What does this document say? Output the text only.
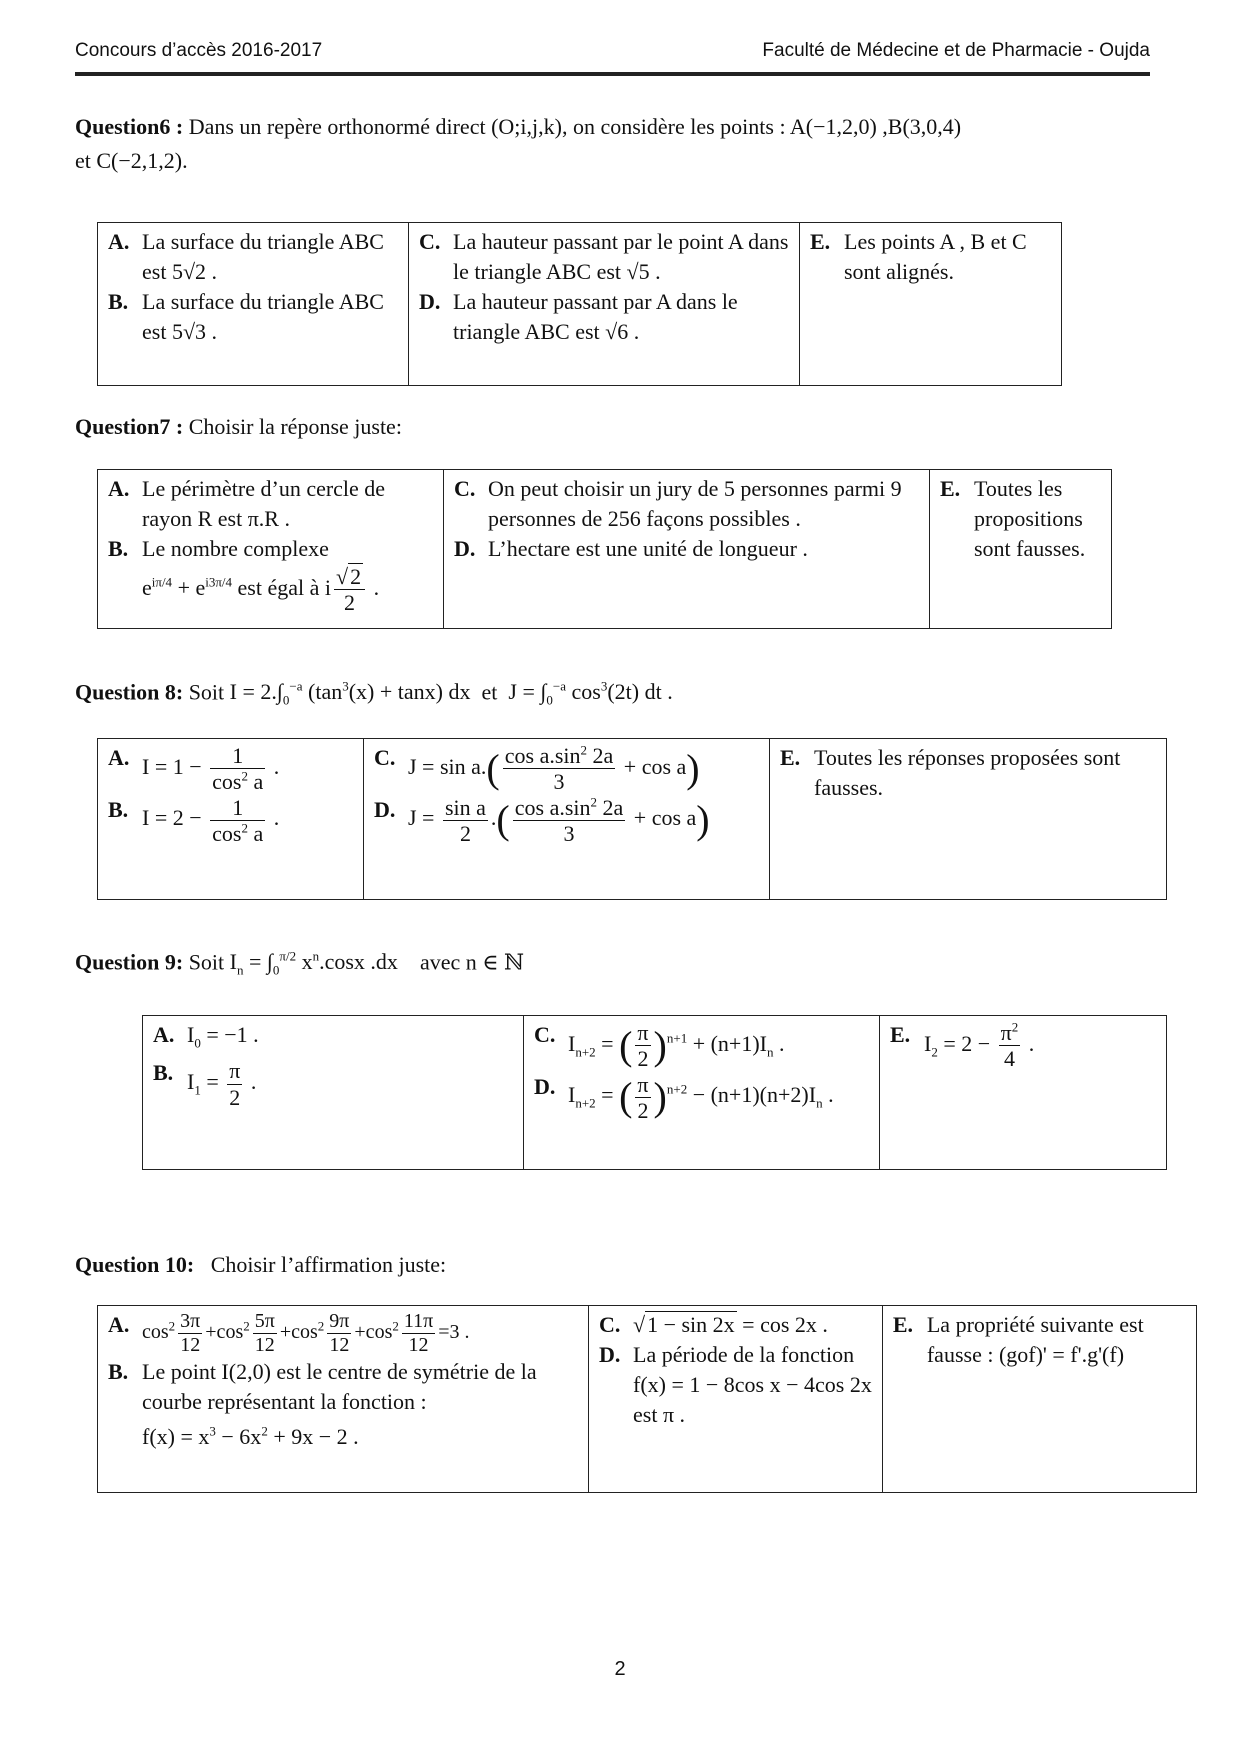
Concours d’accès 2016-2017	Faculté de Médecine et de Pharmacie - Oujda
Question6 : Dans un repère orthonormé direct (O;i,j,k), on considère les points : A(−1,2,0) ,B(3,0,4)
et C(−2,1,2).
A. La surface du triangle ABC est 5√2 .
B. La surface du triangle ABC est 5√3 .

C. La hauteur passant par le point A dans le triangle ABC est √5 .
D. La hauteur passant par A dans le triangle ABC est √6 .

E. Les points A , B et C sont alignés.
Question7 : Choisir la réponse juste:
A. Le périmètre d’un cercle de rayon R est π.R .
B. Le nombre complexe
$e^{i\pi/4} + e^{i3\pi/4}$ est égal à i $\frac{√2}{2}$ .

C. On peut choisir un jury de 5 personnes parmi 9 personnes de 256 façons possibles .
D. L’hectare est une unité de longueur .

E. Toutes les propositions sont fausses.
Question 8: Soit $I = 2.\int_0^{-a}$ $(\tan^3(x) + \tan x)$ dx et $J = \int_0^{-a}$ $\cos^3(2t)$ dt .
A. $I = 1 - \frac{1}{\cos^2 a}$ .
B. $I = 2 - \frac{1}{\cos^2 a}$ .

C. $J = \sin a.( \frac{\cos a.\sin^2 2a}{3} + \cos a)$
D. $J = \frac{\text{sin a}}{2}$ .( $\frac{\cos a.\sin^2 2a}{3} + \cos a$)

E. Toutes les réponses proposées sont fausses.
Question 9: Soit $I_n = \int_0^{\pi/2}$ $x^n.\cos x$ .dx avec n ∈ ℕ
A. $I_0 = -1$ .
B. $I_1 = \frac{\pi}{2}$ .

C. $I_{n+2}$ = ( $\frac{\pi}{2} )^{n+1} + (n+1)I_n$ .
D. $I_{n+2}$ = ( $\frac{\pi}{2} )^{n+2} - (n+1)(n+2)I_n$ .

E. $I_2 = 2 - \frac{\pi^2}{4}$ .
Question 10: Choisir l’affirmation juste:
A. $\cos^2 \frac{3\pi}{12} +\cos^2 \frac{5\pi}{12} +\cos^2 \frac{9\pi}{12} +\cos^2 \frac{11\pi}{12} =3$ .
B. Le point I(2,0) est le centre de symétrie de la courbe représentant la fonction :
$f(x) = x^3 - 6x^2 + 9x - 2$ .

C. √1 − sin 2x = cos 2x .
D. La période de la fonction
f(x) = 1 − 8cos x − 4cos 2x
est π .

E. La propriété suivante est fausse : (gof)' = f'.g'(f)
2
